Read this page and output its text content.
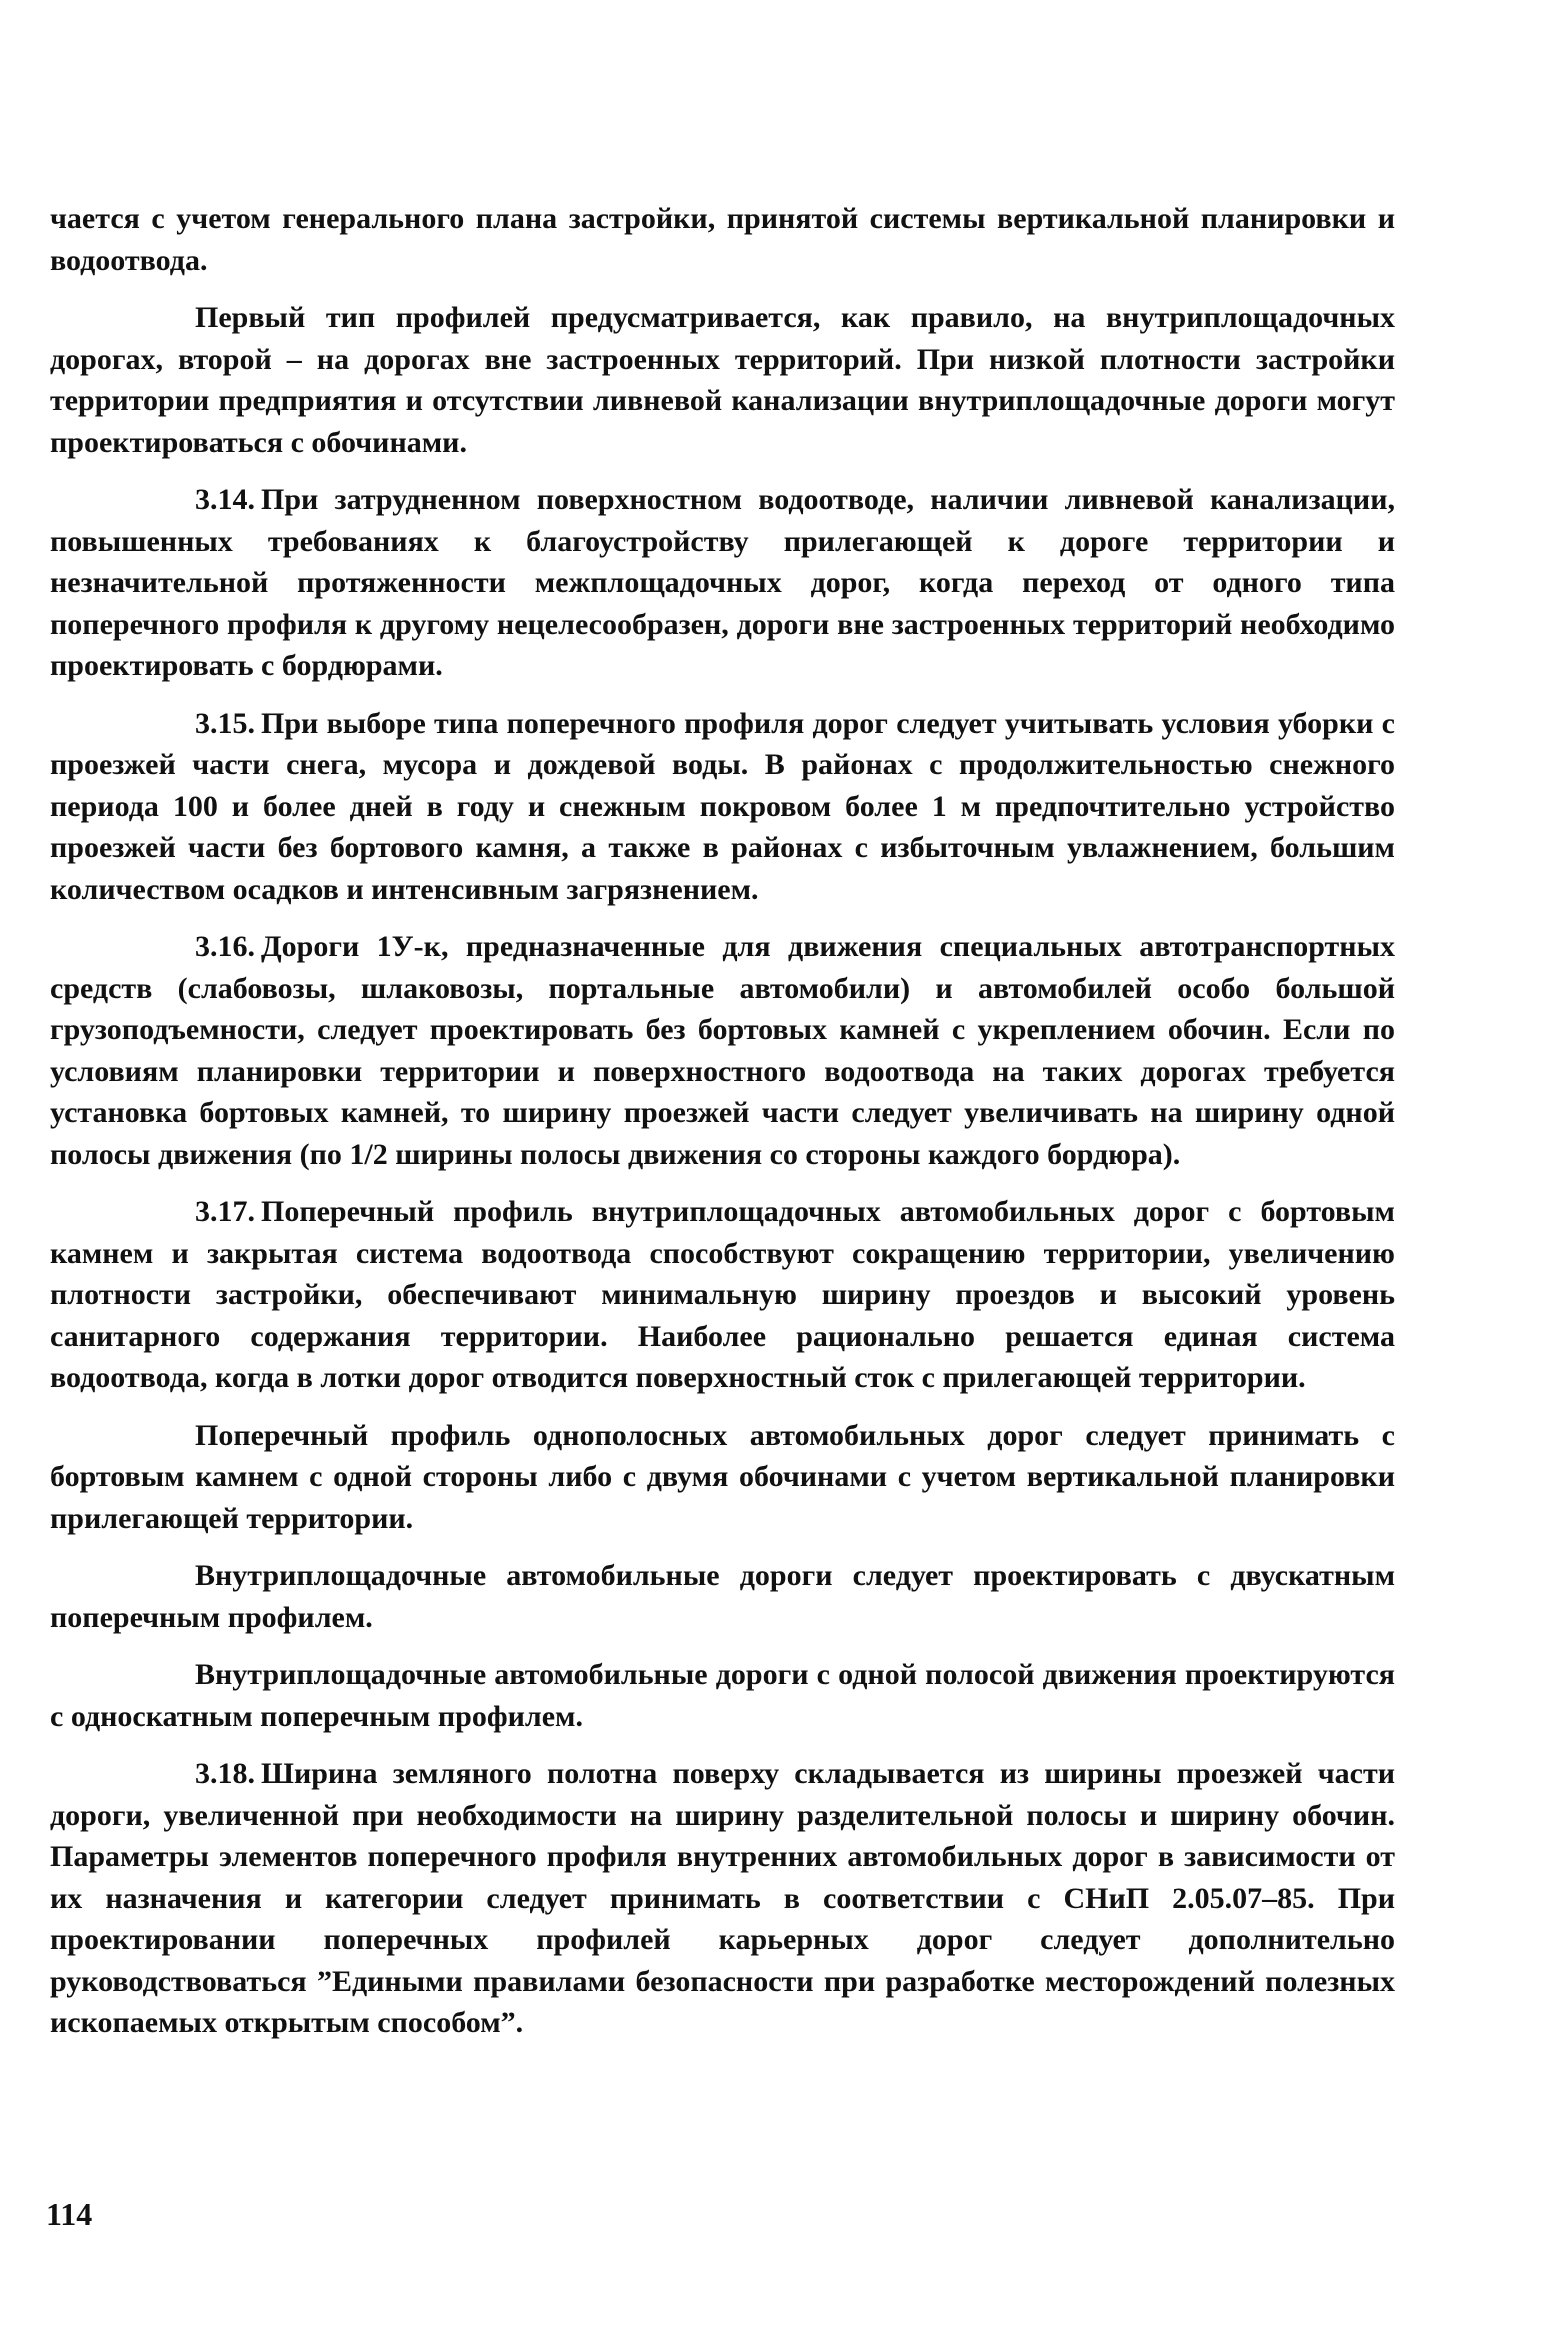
чается с учетом генерального плана застройки, принятой системы вертикальной планировки и водоотвода.

Первый тип профилей предусматривается, как правило, на внутриплощадочных дорогах, второй – на дорогах вне застроенных территорий. При низкой плотности застройки территории предприятия и отсутствии ливневой канализации внутриплощадочные дороги могут проектироваться с обочинами.

3.14. При затрудненном поверхностном водоотводе, наличии ливневой канализации, повышенных требованиях к благоустройству прилегающей к дороге территории и незначительной протяженности межплощадочных дорог, когда переход от одного типа поперечного профиля к другому нецелесообразен, дороги вне застроенных территорий необходимо проектировать с бордюрами.

3.15. При выборе типа поперечного профиля дорог следует учитывать условия уборки с проезжей части снега, мусора и дождевой воды. В районах с продолжительностью снежного периода 100 и более дней в году и снежным покровом более 1 м предпочтительно устройство проезжей части без бортового камня, а также в районах с избыточным увлажнением, большим количеством осадков и интенсивным загрязнением.

3.16. Дороги 1У-к, предназначенные для движения специальных автотранспортных средств (слабовозы, шлаковозы, портальные автомобили) и автомобилей особо большой грузоподъемности, следует проектировать без бортовых камней с укреплением обочин. Если по условиям планировки территории и поверхностного водоотвода на таких дорогах требуется установка бортовых камней, то ширину проезжей части следует увеличивать на ширину одной полосы движения (по 1/2 ширины полосы движения со стороны каждого бордюра).

3.17. Поперечный профиль внутриплощадочных автомобильных дорог с бортовым камнем и закрытая система водоотвода способствуют сокращению территории, увеличению плотности застройки, обеспечивают минимальную ширину проездов и высокий уровень санитарного содержания территории. Наиболее рационально решается единая система водоотвода, когда в лотки дорог отводится поверхностный сток с прилегающей территории.

Поперечный профиль однополосных автомобильных дорог следует принимать с бортовым камнем с одной стороны либо с двумя обочинами с учетом вертикальной планировки прилегающей территории.

Внутриплощадочные автомобильные дороги следует проектировать с двускатным поперечным профилем.

Внутриплощадочные автомобильные дороги с одной полосой движения проектируются с односкатным поперечным профилем.

3.18. Ширина земляного полотна поверху складывается из ширины проезжей части дороги, увеличенной при необходимости на ширину разделительной полосы и ширину обочин. Параметры элементов поперечного профиля внутренних автомобильных дорог в зависимости от их назначения и категории следует принимать в соответствии с СНиП 2.05.07–85. При проектировании поперечных профилей карьерных дорог следует дополнительно руководствоваться ”Едиными правилами безопасности при разработке месторождений полезных ископаемых открытым способом”.

114
